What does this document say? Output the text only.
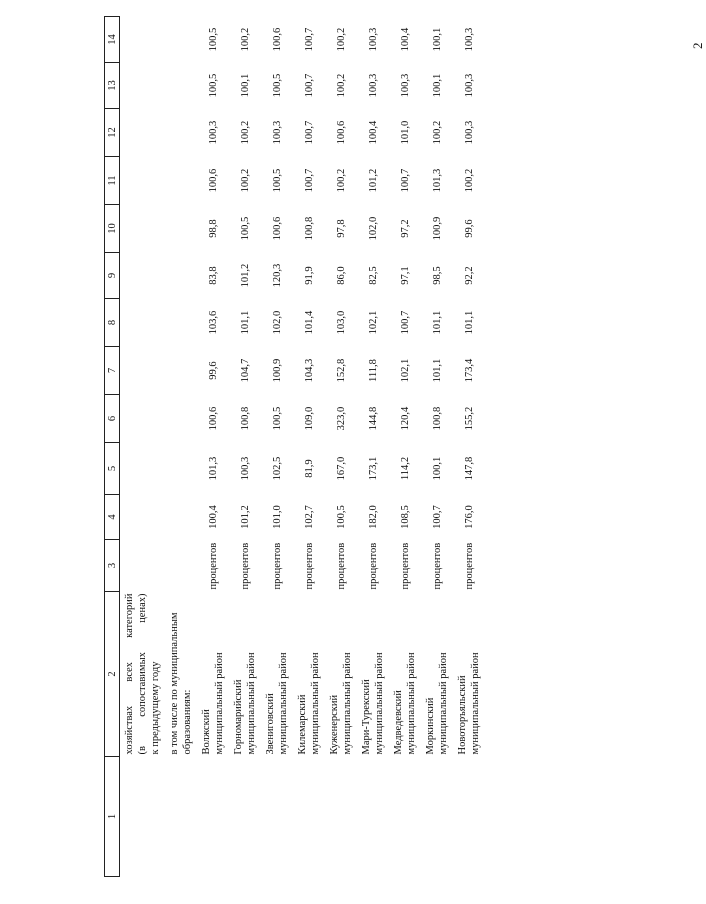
2
1	2	3	4	5	6	7	8	9	10	11	12	13	14

	хозяйствах всех категорий (в сопоставимых ценах) к предыдущему году												

	в том числе по муниципальным образованиям:												

	Волжский муниципальный район	процентов	100,4	101,3	100,6	99,6	103,6	83,8	98,8	100,6	100,3	100,5	100,5

	Горномарийский муниципальный район	процентов	101,2	100,3	100,8	104,7	101,1	101,2	100,5	100,2	100,2	100,1	100,2

	Звениговский муниципальный район	процентов	101,0	102,5	100,5	100,9	102,0	120,3	100,6	100,5	100,3	100,5	100,6

	Килемарский муниципальный район	процентов	102,7	81,9	109,0	104,3	101,4	91,9	100,8	100,7	100,7	100,7	100,7

	Куженерский муниципальный район	процентов	100,5	167,0	323,0	152,8	103,0	86,0	97,8	100,2	100,6	100,2	100,2

	Мари-Турекский муниципальный район	процентов	182,0	173,1	144,8	111,8	102,1	82,5	102,0	101,2	100,4	100,3	100,3

	Медведевский муниципальный район	процентов	108,5	114,2	120,4	102,1	100,7	97,1	97,2	100,7	101,0	100,3	100,4

	Моркинский муниципальный район	процентов	100,7	100,1	100,8	101,1	101,1	98,5	100,9	101,3	100,2	100,1	100,1

	Новоторъяльский муниципальный район	процентов	176,0	147,8	155,2	173,4	101,1	92,2	99,6	100,2	100,3	100,3	100,3
